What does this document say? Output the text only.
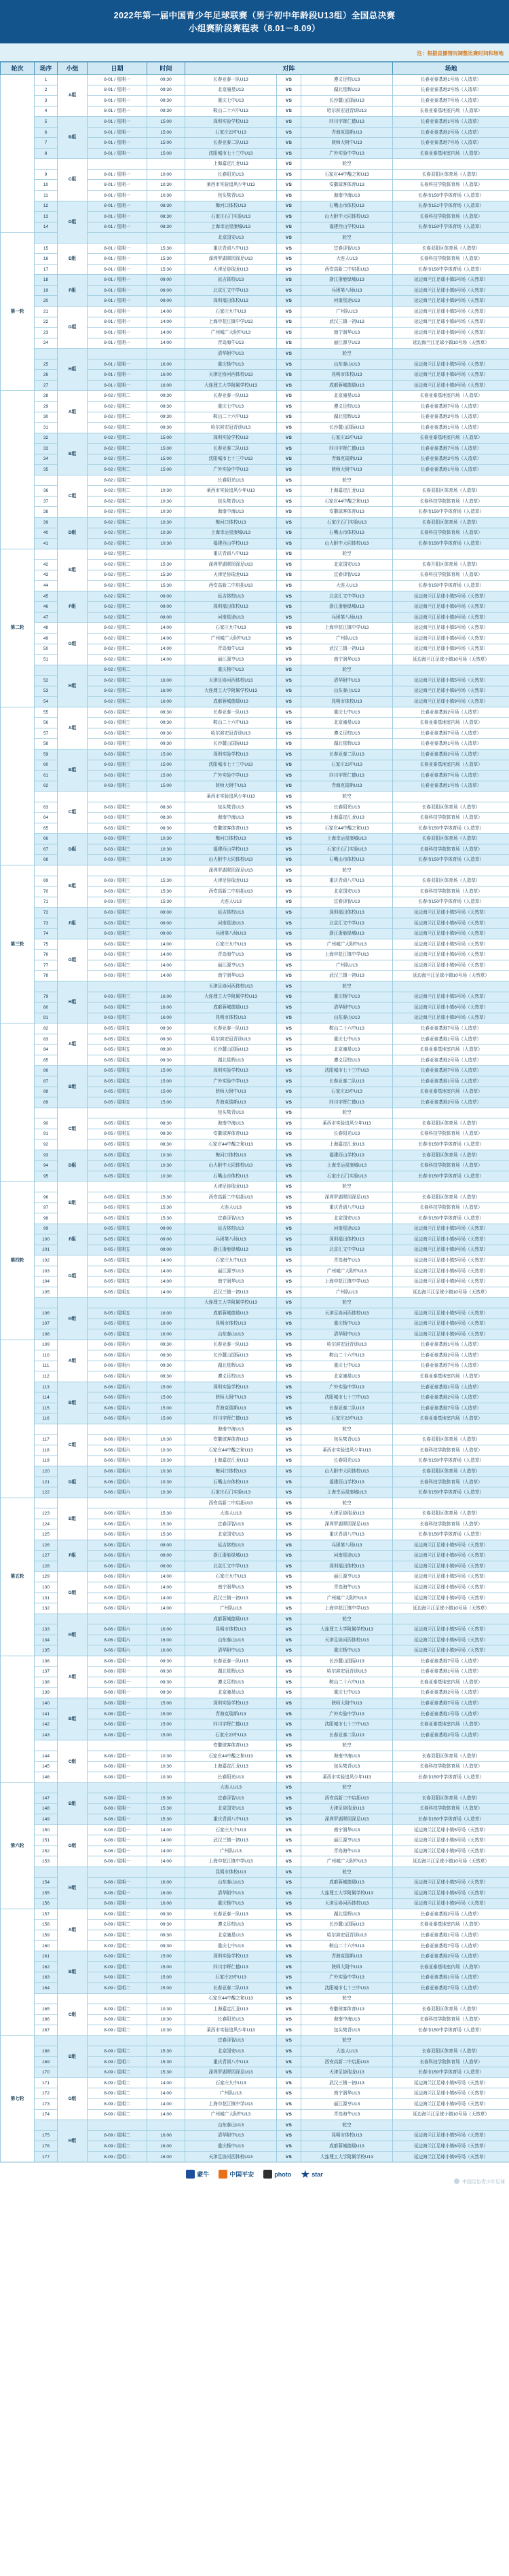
2022年第一届中国青少年足球联赛（男子初中年龄段U13组）全国总决赛
小组赛阶段赛程表（8.01－8.09）
注：根据直播情况调整比赛时间和场地
轮次	场序	小组	日期	时间	对阵			场地
	1	A组	8-01 / 星期一	09:30	长春亚泰一队U13	VS	遵义足校U13	长春亚泰基地1号场（人造草）
	2		8-01 / 星期一	09:30	北京潼星U13	VS	湖北星辉U13	长春亚泰基地2号场（人造草）
	3		8-01 / 星期一	09:30	重庆七中U13	VS	长沙麓山国际U13	长春亚泰基地7号场（人造草）
	4		8-01 / 星期一	09:30	鞍山二十六中U13	VS	哈尔滨宏冠青训U13	长春亚泰基地室内场（人造草）
	5	B组	8-01 / 星期一	15:00	深圳实验学校U13	VS	四川宇晖仁德U13	长春亚泰基地1号场（人造草）
	6		8-01 / 星期一	15:00	石家庄23中U13	VS	青海克瑞斯U13	长春亚泰基地2号场（人造草）
	7		8-01 / 星期一	15:00	长春亚泰二队U13	VS	陕师大附中U13	长春亚泰基地7号场（人造草）
	8		8-01 / 星期一	15:00	沈阳城市七十三中U13	VS	广外实验中学U13	长春亚泰基地室内场（人造草）
		C组			上海嘉定汇龙U13	VS	轮空	
	9		8-01 / 星期一	10:00	长春阳光U13	VS	石家庄44中醢之和U13	长春双阳区体育场（人造草）
	10		8-01 / 星期一	10:30	莱西市实验追风少年U13	VS	安徽球客体育U13	长春科技学院体育场（人造草）
	11		8-01 / 星期一	10:30	包头隽青U13	VS	海南中海U13	长春市150中学体育场（人造草）
	12	D组	8-01 / 星期一	08:30	梅河口体校U13	VS	石嘴山市体校U13	长春市151中学体育场（人造草）
	13		8-01 / 星期一	08:30	石家庄石门实验U13	VS	山大附中大同体校U13	长春科技学院体育场（人造草）
	14		8-01 / 星期一	08:30	上海幸运星康城U13	VS	福建西山学校U13	长春市150中学体育场（人造草）
第一轮					北京国安U13	VS	轮空	
	15	E组	8-01 / 星期一	15:30	重庆青训八中U13	VS	宜春泽智U13	长春双阳区体育场（人造草）
	16		8-01 / 星期一	15:30	深圳罗湖翠园深足U13	VS	大连人U13	长春科技学院体育场（人造草）
	17		8-01 / 星期一	15:30	天津足协瑞龙U13	VS	西安高新二中启拓U13	长春市150中学体育场（人造草）
	18	F组	8-01 / 星期一	09:00	延吉体校U13	VS	浙江浙能绿城U13	延边海兰江足球小镇5号场（天然草）
	19		8-01 / 星期一	09:00	北京汇文中学U13	VS	兵团第八师U13	延边海兰江足球小镇6号场（天然草）
	20		8-01 / 星期一	09:00	深圳福田体校U13	VS	河南星途U13	延边海兰江足球小镇9号场（天然草）
	21	G组	8-01 / 星期一	14:00	石家庄九中U13	VS	广州队U13	延边海兰江足球小镇5号场（天然草）
	22		8-01 / 星期一	14:00	上海申花江镇中学U13	VS	武汉三镇一初U13	延边海兰江足球小镇6号场（天然草）
	23		8-01 / 星期一	14:00	广州城广大附中U13	VS	南宁润华U13	延边海兰江足球小镇9号场（天然草）
	24		8-01 / 星期一	14:00	青岛海牛U13	VS	丽江源亨U13	延边海兰江足球小镇10号场（天然草）
		H组			清华附中U13	VS	轮空	
	25		8-01 / 星期一	16:00	重庆杨中U13	VS	山东泰山U13	延边海兰江足球小镇5号场（天然草）
	26		8-01 / 星期一	16:00	天津足协河西体校U13	VS	昆明市体校U13	延边海兰江足球小镇6号场（天然草）
	27		8-01 / 星期一	16:00	大连理工大学附属学校U13	VS	成都蓉城德瑞U13	延边海兰江足球小镇9号场（天然草）
	28	A组	8-02 / 星期二	09:30	长春亚泰一队U13	VS	北京潼星U13	长春亚泰基地室内场（人造草）
	29		8-02 / 星期二	09:30	重庆七中U13	VS	遵义足校U13	长春亚泰基地7号场（人造草）
	30		8-02 / 星期二	09:30	鞍山二十六中U13	VS	湖北星辉U13	长春亚泰基地2号场（人造草）
	31		8-02 / 星期二	09:30	哈尔滨宏冠青训U13	VS	长沙麓山国际U13	长春亚泰基地1号场（人造草）
	32	B组	8-02 / 星期二	15:00	深圳实验学校U13	VS	石家庄23中U13	长春亚泰基地室内场（人造草）
	33		8-02 / 星期二	15:00	长春亚泰二队U13	VS	四川宇晖仁德U13	长春亚泰基地7号场（人造草）
	34		8-02 / 星期二	15:00	沈阳城市七十三中U13	VS	青海克瑞斯U13	长春亚泰基地2号场（人造草）
	35		8-02 / 星期二	15:00	广外实验中学U13	VS	陕师大附中U13	长春亚泰基地1号场（人造草）
		C组	8-02 / 星期二		长春阳光U13	VS	轮空	
	36		8-02 / 星期二	10:30	莱西市实验追风少年U13	VS	上海嘉定汇龙U13	长春双阳区体育场（人造草）
	37		8-02 / 星期二	10:30	包头隽青U13	VS	石家庄44中醢之和U13	长春科技学院体育场（人造草）
	38		8-02 / 星期二	10:30	海南中海U13	VS	安徽球客体育U13	长春市150中学体育场（人造草）
	39	D组	8-02 / 星期二	10:30	梅河口体校U13	VS	石家庄石门实验U13	长春双阳区体育场（人造草）
	40		8-02 / 星期二	10:30	上海幸运星康城U13	VS	石嘴山市体校U13	长春科技学院体育场（人造草）
	41		8-02 / 星期二	10:30	福建西山学校U13	VS	山大附中大同体校U13	长春市150中学体育场（人造草）
第二轮		E组	8-02 / 星期二		重庆青训八中U13	VS	轮空	
	42		8-02 / 星期二	15:30	深圳罗湖翠园深足U13	VS	北京国安U13	长春开阳区体育场（人造草）
	43		8-02 / 星期二	15:30	天津足协瑞龙U13	VS	宜春泽智U13	长春科技学院体育场（人造草）
	44		8-02 / 星期二	15:30	西安高新二中启拓U13	VS	大连人U13	长春市150中学体育场（人造草）
	45	F组	8-02 / 星期二	09:00	延吉体校U13	VS	北京汇文中学U13	延边海兰江足球小镇5号场（天然草）
	46		8-02 / 星期二	09:00	深圳福田体校U13	VS	浙江浙能绿城U13	延边海兰江足球小镇6号场（天然草）
	47		8-02 / 星期二	09:00	河南星途U13	VS	兵团第八师U13	延边海兰江足球小镇9号场（天然草）
	48	G组	8-02 / 星期二	14:00	石家庄九中U13	VS	上海申花江镇中学U13	延边海兰江足球小镇5号场（天然草）
	49		8-02 / 星期二	14:00	广州城广大附中U13	VS	广州队U13	延边海兰江足球小镇6号场（天然草）
	50		8-02 / 星期二	14:00	青岛海牛U13	VS	武汉三镇一初U13	延边海兰江足球小镇9号场（天然草）
	51		8-02 / 星期二	14:00	丽江源亨U13	VS	南宁润华U13	延边海兰江足球小镇10号场（天然草）
		H组	8-02 / 星期二		重庆杨中U13	VS	轮空	
	52		8-02 / 星期二	16:00	天津足协河西体校U13	VS	清华附中U13	延边海兰江足球小镇5号场（天然草）
	53		8-02 / 星期二	16:00	大连理工大学附属学校U13	VS	山东泰山U13	延边海兰江足球小镇6号场（天然草）
	54		8-02 / 星期二	16:00	成都蓉城德瑞U13	VS	昆明市体校U13	延边海兰江足球小镇9号场（天然草）
	55	A组	8-03 / 星期三	09:30	长春亚泰一队U13	VS	重庆七中U13	长春亚泰基地2号场（人造草）
	56		8-03 / 星期三	09:30	鞍山二十六中U13	VS	北京潼星U13	长春亚泰基地室内场（人造草）
	57		8-03 / 星期三	09:30	哈尔滨宏冠青训U13	VS	遵义足校U13	长春亚泰基地7号场（人造草）
	58		8-03 / 星期三	09:30	长沙麓山国际U13	VS	湖北星辉U13	长春亚泰基地1号场（人造草）
	59	B组	8-03 / 星期三	15:00	深圳实验学校U13	VS	长春亚泰二队U13	长春亚泰基地2号场（人造草）
	60		8-03 / 星期三	15:00	沈阳城市七十三中U13	VS	石家庄23中U13	长春亚泰基地室内场（人造草）
	61		8-03 / 星期三	15:00	广外实验中学U13	VS	四川宇晖仁德U13	长春亚泰基地7号场（人造草）
	62		8-03 / 星期三	15:00	陕师大附中U13	VS	青海克瑞斯U13	长春亚泰基地1号场（人造草）
		C组			莱西市实验追风少年U13	VS	轮空	
	63		8-03 / 星期三	08:30	包头隽青U13	VS	长春阳光U13	长春双阳区体育场（人造草）
	64		8-03 / 星期三	08:30	海南中海U13	VS	上海嘉定汇龙U13	长春科技学院体育场（人造草）
	65		8-03 / 星期三	08:30	安徽球客体育U13	VS	石家庄44中醢之和U13	长春市150中学体育场（人造草）
	66	D组	8-03 / 星期三	10:30	梅河口体校U13	VS	上海幸运星康城U13	长春双阳区体育场（人造草）
	67		8-03 / 星期三	10:30	福建西山学校U13	VS	石家庄石门实验U13	长春科技学院体育场（人造草）
	68		8-03 / 星期三	10:30	山大附中大同体校U13	VS	石嘴山市体校U13	长春市150中学体育场（人造草）
第三轮		E组			深圳罗湖翠园深足U13	VS	轮空	
	69		8-03 / 星期三	15:30	天津足协瑞龙U13	VS	重庆青训八中U13	长春双阳区体育场（人造草）
	70		8-03 / 星期三	15:30	西安高新二中启拓U13	VS	北京国安U13	长春科技学院体育场（人造草）
	71		8-03 / 星期三	15:30	大连人U13	VS	宜春泽智U13	长春市150中学体育场（人造草）
	72	F组	8-03 / 星期三	09:00	延吉体校U13	VS	深圳福田体校U13	延边海兰江足球小镇5号场（天然草）
	73		8-03 / 星期三	09:00	河南星途U13	VS	北京汇文中学U13	延边海兰江足球小镇6号场（天然草）
	74		8-03 / 星期三	09:00	兵团第八师U13	VS	浙江浙能绿城U13	延边海兰江足球小镇9号场（天然草）
	75	G组	8-03 / 星期三	14:00	石家庄九中U13	VS	广州城广大附中U13	延边海兰江足球小镇5号场（天然草）
	76		8-03 / 星期三	14:00	青岛海牛U13	VS	上海申花江镇中学U13	延边海兰江足球小镇6号场（天然草）
	77		8-03 / 星期三	14:00	丽江源亨U13	VS	广州队U13	延边海兰江足球小镇9号场（天然草）
	78		8-03 / 星期三	14:00	南宁润华U13	VS	武汉三镇一初U13	延边海兰江足球小镇10号场（天然草）
		H组			天津足协河西体校U13	VS	轮空	
	79		8-03 / 星期三	16:00	大连理工大学附属学校U13	VS	重庆杨中U13	延边海兰江足球小镇5号场（天然草）
	80		8-03 / 星期三	16:00	成都蓉城德瑞U13	VS	清华附中U13	延边海兰江足球小镇6号场（天然草）
	81		8-03 / 星期三	16:00	昆明市体校U13	VS	山东泰山U13	延边海兰江足球小镇9号场（天然草）
	82	A组	8-05 / 星期五	09:30	长春亚泰一队U13	VS	鞍山二十六中U13	长春亚泰基地7号场（人造草）
	83		8-05 / 星期五	09:30	哈尔滨宏冠青训U13	VS	重庆七中U13	长春亚泰基地1号场（人造草）
	84		8-05 / 星期五	09:30	长沙麓山国际U13	VS	北京潼星U13	长春亚泰基地室内场（人造草）
	85		8-05 / 星期五	09:30	湖北星辉U13	VS	遵义足校U13	长春亚泰基地2号场（人造草）
	86	B组	8-05 / 星期五	15:00	深圳实验学校U13	VS	沈阳城市七十三中U13	长春亚泰基地7号场（人造草）
	87		8-05 / 星期五	15:00	广外实验中学U13	VS	长春亚泰二队U13	长春亚泰基地1号场（人造草）
	88		8-05 / 星期五	15:00	陕师大附中U13	VS	石家庄23中U13	长春亚泰基地室内场（人造草）
	89		8-05 / 星期五	15:00	青海克瑞斯U13	VS	四川宇晖仁德U13	长春亚泰基地2号场（人造草）
		C组			包头隽青U13	VS	轮空	
	90		8-05 / 星期五	08:30	海南中海U13	VS	莱西市实验追风少年U13	长春双阳区体育场（人造草）
	91		8-05 / 星期五	08:30	安徽球客体育U13	VS	长春阳光U13	长春科技学院体育场（人造草）
	92		8-05 / 星期五	08:30	石家庄44中醢之和U13	VS	上海嘉定汇龙U13	长春市150中学体育场（人造草）
	93	D组	8-05 / 星期五	10:30	梅河口体校U13	VS	福建西山学校U13	长春双阳区体育场（人造草）
	94		8-05 / 星期五	10:30	山大附中大同体校U13	VS	上海幸运星康城U13	长春科技学院体育场（人造草）
	95		8-05 / 星期五	10:30	石嘴山市体校U13	VS	石家庄石门实验U13	长春市150中学体育场（人造草）
第四轮		E组			天津足协瑞龙U13	VS	轮空	
	96		8-05 / 星期五	15:30	西安高新二中启拓U13	VS	深圳罗湖翠园深足U13	长春双阳区体育场（人造草）
	97		8-05 / 星期五	15:30	大连人U13	VS	重庆青训八中U13	长春科技学院体育场（人造草）
	98		8-05 / 星期五	15:30	宜春泽智U13	VS	北京国安U13	长春市150中学体育场（人造草）
	99	F组	8-05 / 星期五	09:00	延吉体校U13	VS	河南星途U13	延边海兰江足球小镇5号场（天然草）
	100		8-05 / 星期五	09:00	兵团第八师U13	VS	深圳福田体校U13	延边海兰江足球小镇6号场（天然草）
	101		8-05 / 星期五	09:00	浙江浙能绿城U13	VS	北京汇文中学U13	延边海兰江足球小镇9号场（天然草）
	102	G组	8-05 / 星期五	14:00	石家庄九中U13	VS	青岛海牛U13	延边海兰江足球小镇5号场（天然草）
	103		8-05 / 星期五	14:00	丽江源亨U13	VS	广州城广大附中U13	延边海兰江足球小镇6号场（天然草）
	104		8-05 / 星期五	14:00	南宁润华U13	VS	上海申花江镇中学U13	延边海兰江足球小镇9号场（天然草）
	105		8-05 / 星期五	14:00	武汉三镇一初U13	VS	广州队U13	延边海兰江足球小镇10号场（天然草）
		H组			大连理工大学附属学校U13	VS	轮空	
	106		8-05 / 星期五	16:00	成都蓉城德瑞U13	VS	天津足协河西体校U13	延边海兰江足球小镇5号场（天然草）
	107		8-05 / 星期五	16:00	昆明市体校U13	VS	重庆杨中U13	延边海兰江足球小镇6号场（天然草）
	108		8-05 / 星期五	16:00	山东泰山U13	VS	清华附中U13	延边海兰江足球小镇9号场（天然草）
	109	A组	8-06 / 星期六	09:30	长春亚泰一队U13	VS	哈尔滨宏冠青训U13	长春亚泰基地1号场（人造草）
	110		8-06 / 星期六	09:30	长沙麓山国际U13	VS	鞍山二十六中U13	长春亚泰基地2号场（人造草）
	111		8-06 / 星期六	09:30	湖北星辉U13	VS	重庆七中U13	长春亚泰基地7号场（人造草）
	112		8-06 / 星期六	09:30	遵义足校U13	VS	北京潼星U13	长春亚泰基地室内场（人造草）
	113	B组	8-06 / 星期六	15:00	深圳实验学校U13	VS	广外实验中学U13	长春亚泰基地1号场（人造草）
	114		8-06 / 星期六	15:00	陕师大附中U13	VS	沈阳城市七十三中U13	长春亚泰基地2号场（人造草）
	115		8-06 / 星期六	15:00	青海克瑞斯U13	VS	长春亚泰二队U13	长春亚泰基地7号场（人造草）
	116		8-06 / 星期六	15:00	四川宇晖仁德U13	VS	石家庄23中U13	长春亚泰基地室内场（人造草）
		C组			海南中海U13	VS	轮空	
	117		8-06 / 星期六	10:30	安徽球客体育U13	VS	包头隽青U13	长春双阳区体育场（人造草）
	118		8-06 / 星期六	10:30	石家庄44中醢之和U13	VS	莱西市实验追风少年U13	长春科技学院体育场（人造草）
	119		8-06 / 星期六	10:30	上海嘉定汇龙U13	VS	长春阳光U13	长春市150中学体育场（人造草）
	120	D组	8-06 / 星期六	10:30	梅河口体校U13	VS	山大附中大同体校U13	长春双阳区体育场（人造草）
	121		8-06 / 星期六	10:30	石嘴山市体校U13	VS	福建西山学校U13	长春科技学院体育场（人造草）
	122		8-06 / 星期六	10:30	石家庄石门实验U13	VS	上海幸运星康城U13	长春市150中学体育场（人造草）
第五轮		E组			西安高新二中启拓U13	VS	轮空	
	123		8-06 / 星期六	15:30	大连人U13	VS	天津足协瑞龙U13	长春双阳区体育场（人造草）
	124		8-06 / 星期六	15:30	宜春泽智U13	VS	深圳罗湖翠园深足U13	长春科技学院体育场（人造草）
	125		8-06 / 星期六	15:30	北京国安U13	VS	重庆青训八中U13	长春市150中学体育场（人造草）
	126	F组	8-06 / 星期六	09:00	延吉体校U13	VS	兵团第八师U13	延边海兰江足球小镇5号场（天然草）
	127		8-06 / 星期六	09:00	浙江浙能绿城U13	VS	河南星途U13	延边海兰江足球小镇6号场（天然草）
	128		8-06 / 星期六	09:00	北京汇文中学U13	VS	深圳福田体校U13	延边海兰江足球小镇9号场（天然草）
	129	G组	8-06 / 星期六	14:00	石家庄九中U13	VS	丽江源亨U13	延边海兰江足球小镇5号场（天然草）
	130		8-06 / 星期六	14:00	南宁润华U13	VS	青岛海牛U13	延边海兰江足球小镇6号场（天然草）
	131		8-06 / 星期六	14:00	武汉三镇一初U13	VS	广州城广大附中U13	延边海兰江足球小镇9号场（天然草）
	132		8-06 / 星期六	14:00	广州队U13	VS	上海申花江镇中学U13	延边海兰江足球小镇10号场（天然草）
		H组			成都蓉城德瑞U13	VS	轮空	
	133		8-06 / 星期六	16:00	昆明市体校U13	VS	大连理工大学附属学校U13	延边海兰江足球小镇5号场（天然草）
	134		8-06 / 星期六	16:00	山东泰山U13	VS	天津足协河西体校U13	延边海兰江足球小镇6号场（天然草）
	135		8-06 / 星期六	16:00	清华附中U13	VS	重庆杨中U13	延边海兰江足球小镇9号场（天然草）
	136	A组	8-08 / 星期一	09:30	长春亚泰一队U13	VS	长沙麓山国际U13	长春亚泰基地7号场（人造草）
	137		8-08 / 星期一	09:30	湖北星辉U13	VS	哈尔滨宏冠青训U13	长春亚泰基地1号场（人造草）
	138		8-08 / 星期一	09:30	遵义足校U13	VS	鞍山二十六中U13	长春亚泰基地室内场（人造草）
	139		8-08 / 星期一	09:30	北京潼星U13	VS	重庆七中U13	长春亚泰基地2号场（人造草）
	140	B组	8-08 / 星期一	15:00	深圳实验学校U13	VS	陕师大附中U13	长春亚泰基地7号场（人造草）
	141		8-08 / 星期一	15:00	青海克瑞斯U13	VS	广外实验中学U13	长春亚泰基地1号场（人造草）
	142		8-08 / 星期一	15:00	四川宇晖仁德U13	VS	沈阳城市七十三中U13	长春亚泰基地室内场（人造草）
	143		8-08 / 星期一	15:00	石家庄23中U13	VS	长春亚泰二队U13	长春亚泰基地2号场（人造草）
		C组			安徽球客体育U13	VS	轮空	
	144		8-08 / 星期一	10:30	石家庄44中醢之和U13	VS	海南中海U13	长春双阳区体育场（人造草）
	145		8-08 / 星期一	10:30	上海嘉定汇龙U13	VS	包头隽青U13	长春科技学院体育场（人造草）
	146		8-08 / 星期一	10:30	长春阳光U13	VS	莱西市实验追风少年U13	长春市150中学体育场（人造草）
第六轮		E组			大连人U13	VS	轮空	
	147		8-08 / 星期一	15:30	宜春泽智U13	VS	西安高新二中启拓U13	长春双阳区体育场（人造草）
	148		8-08 / 星期一	15:30	北京国安U13	VS	天津足协瑞龙U13	长春科技学院体育场（人造草）
	149		8-08 / 星期一	15:30	重庆青训八中U13	VS	深圳罗湖翠园深足U13	长春市150中学体育场（人造草）
	150	G组	8-08 / 星期一	14:00	石家庄九中U13	VS	南宁润华U13	延边海兰江足球小镇5号场（天然草）
	151		8-08 / 星期一	14:00	武汉三镇一初U13	VS	丽江源亨U13	延边海兰江足球小镇6号场（天然草）
	152		8-08 / 星期一	14:00	广州队U13	VS	青岛海牛U13	延边海兰江足球小镇9号场（天然草）
	153		8-08 / 星期一	14:00	上海申花江镇中学U13	VS	广州城广大附中U13	延边海兰江足球小镇10号场（天然草）
		H组			昆明市体校U13	VS	轮空	
	154		8-08 / 星期一	16:00	山东泰山U13	VS	成都蓉城德瑞U13	延边海兰江足球小镇5号场（天然草）
	155		8-08 / 星期一	16:00	清华附中U13	VS	大连理工大学附属学校U13	延边海兰江足球小镇6号场（天然草）
	156		8-08 / 星期一	16:00	重庆杨中U13	VS	天津足协河西体校U13	延边海兰江足球小镇9号场（天然草）
	157	A组	8-09 / 星期二	09:30	长春亚泰一队U13	VS	湖北星辉U13	长春亚泰基地2号场（人造草）
	158		8-09 / 星期二	09:30	遵义足校U13	VS	长沙麓山国际U13	长春亚泰基地室内场（人造草）
	159		8-09 / 星期二	09:30	北京潼星U13	VS	哈尔滨宏冠青训U13	长春亚泰基地1号场（人造草）
	160		8-09 / 星期二	09:30	重庆七中U13	VS	鞍山二十六中U13	长春亚泰基地7号场（人造草）
	161	B组	8-09 / 星期二	15:00	深圳实验学校U13	VS	青海克瑞斯U13	长春亚泰基地2号场（人造草）
	162		8-09 / 星期二	15:00	四川宇晖仁德U13	VS	陕师大附中U13	长春亚泰基地室内场（人造草）
	163		8-09 / 星期二	15:00	石家庄23中U13	VS	广外实验中学U13	长春亚泰基地1号场（人造草）
	164		8-09 / 星期二	15:00	长春亚泰二队U13	VS	沈阳城市七十三中U13	长春亚泰基地7号场（人造草）
		C组			石家庄44中醢之和U13	VS	轮空	
	165		8-09 / 星期二	10:30	上海嘉定汇龙U13	VS	安徽球客体育U13	长春双阳区体育场（人造草）
	166		8-09 / 星期二	10:30	长春阳光U13	VS	海南中海U13	长春科技学院体育场（人造草）
	167		8-09 / 星期二	10:30	莱西市实验追风少年U13	VS	包头隽青U13	长春市150中学体育场（人造草）
第七轮		E组			宜春泽智U13	VS	轮空	
	168		8-09 / 星期二	15:30	北京国安U13	VS	大连人U13	长春双阳区体育场（人造草）
	169		8-09 / 星期二	15:30	重庆青训八中U13	VS	西安高新二中启拓U13	长春科技学院体育场（人造草）
	170		8-09 / 星期二	15:30	深圳罗湖翠园深足U13	VS	天津足协瑞龙U13	长春市150中学体育场（人造草）
	171	G组	8-09 / 星期二	14:00	石家庄九中U13	VS	武汉三镇一初U13	延边海兰江足球小镇5号场（天然草）
	172		8-09 / 星期二	14:00	广州队U13	VS	南宁润华U13	延边海兰江足球小镇6号场（天然草）
	173		8-09 / 星期二	14:00	上海申花江镇中学U13	VS	丽江源亨U13	延边海兰江足球小镇9号场（天然草）
	174		8-09 / 星期二	14:00	广州城广大附中U13	VS	青岛海牛U13	延边海兰江足球小镇10号场（天然草）
		H组			山东泰山U13	VS	轮空	
	175		8-09 / 星期二	16:00	清华附中U13	VS	昆明市体校U13	延边海兰江足球小镇5号场（天然草）
	176		8-09 / 星期二	16:00	重庆杨中U13	VS	成都蓉城德瑞U13	延边海兰江足球小镇6号场（天然草）
	177		8-09 / 星期二	16:00	天津足协河西体校U13	VS	大连理工大学附属学校U13	延边海兰江足球小镇9号场（天然草）
蒙牛	中国平安	photo	star
中国足协青少年足球
